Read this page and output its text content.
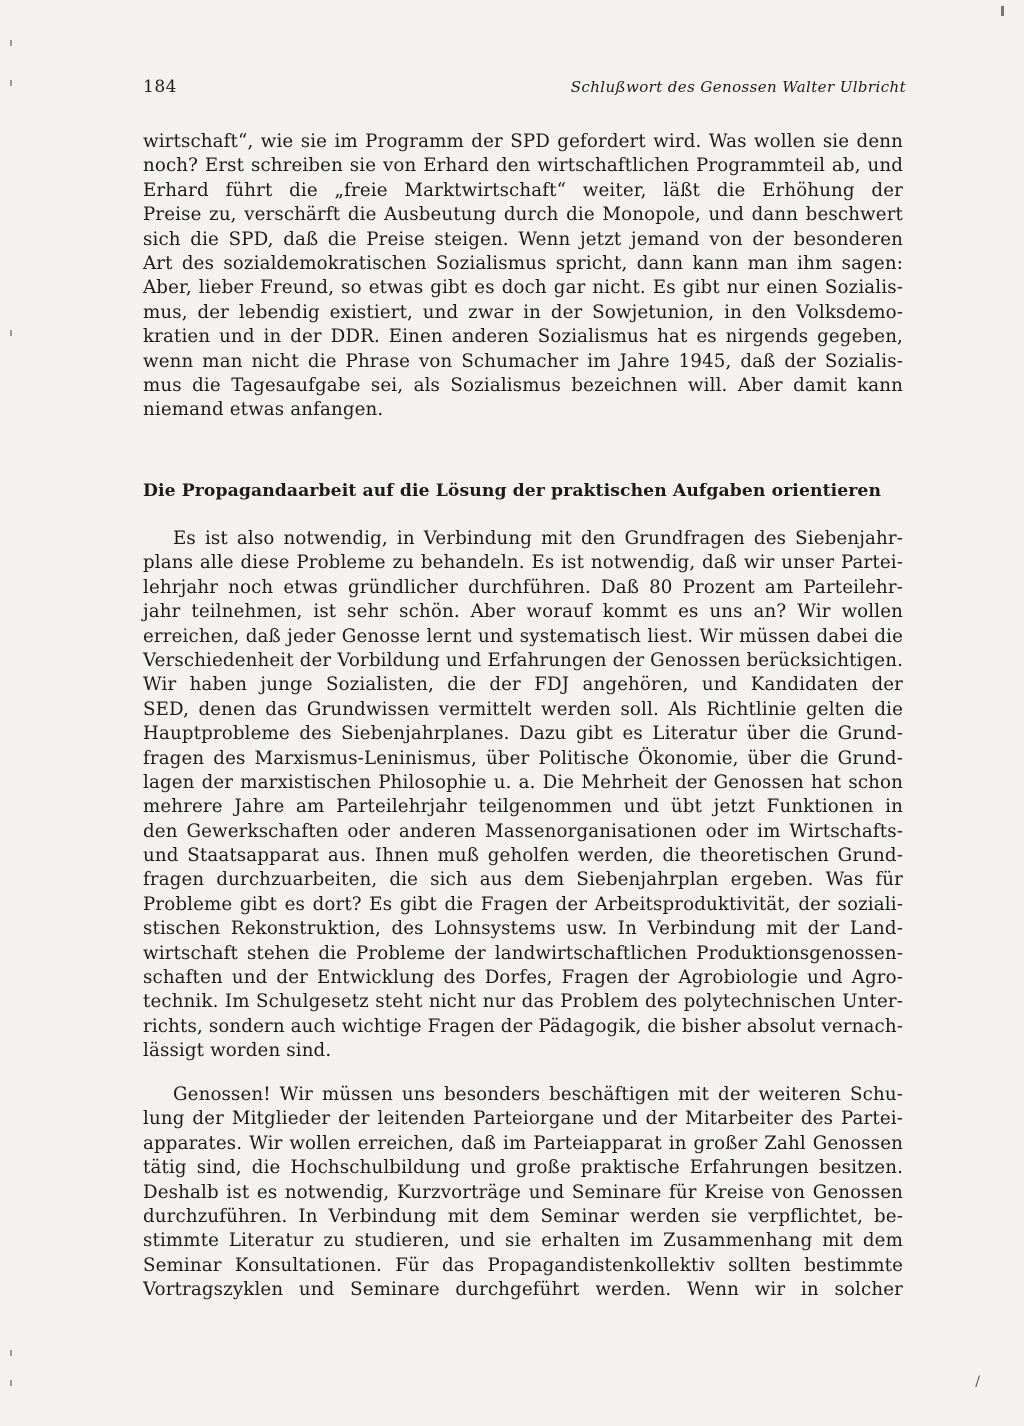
184	Schlußwort des Genossen Walter Ulbricht
wirtschaft“, wie sie im Programm der SPD gefordert wird. Was wollen sie denn
noch? Erst schreiben sie von Erhard den wirtschaftlichen Programmteil ab, und
Erhard führt die „freie Marktwirtschaft“ weiter, läßt die Erhöhung der
Preise zu, verschärft die Ausbeutung durch die Monopole, und dann beschwert
sich die SPD, daß die Preise steigen. Wenn jetzt jemand von der besonderen
Art des sozialdemokratischen Sozialismus spricht, dann kann man ihm sagen:
Aber, lieber Freund, so etwas gibt es doch gar nicht. Es gibt nur einen Sozialis-
mus, der lebendig existiert, und zwar in der Sowjetunion, in den Volksdemo-
kratien und in der DDR. Einen anderen Sozialismus hat es nirgends gegeben,
wenn man nicht die Phrase von Schumacher im Jahre 1945, daß der Sozialis-
mus die Tagesaufgabe sei, als Sozialismus bezeichnen will. Aber damit kann
niemand etwas anfangen.
Die Propagandaarbeit auf die Lösung der praktischen Aufgaben orientieren
Es ist also notwendig, in Verbindung mit den Grundfragen des Siebenjahr-
plans alle diese Probleme zu behandeln. Es ist notwendig, daß wir unser Partei-
lehrjahr noch etwas gründlicher durchführen. Daß 80 Prozent am Parteilehr-
jahr teilnehmen, ist sehr schön. Aber worauf kommt es uns an? Wir wollen
erreichen, daß jeder Genosse lernt und systematisch liest. Wir müssen dabei die
Verschiedenheit der Vorbildung und Erfahrungen der Genossen berücksichtigen.
Wir haben junge Sozialisten, die der FDJ angehören, und Kandidaten der
SED, denen das Grundwissen vermittelt werden soll. Als Richtlinie gelten die
Hauptprobleme des Siebenjahrplanes. Dazu gibt es Literatur über die Grund-
fragen des Marxismus-Leninismus, über Politische Ökonomie, über die Grund-
lagen der marxistischen Philosophie u. a. Die Mehrheit der Genossen hat schon
mehrere Jahre am Parteilehrjahr teilgenommen und übt jetzt Funktionen in
den Gewerkschaften oder anderen Massenorganisationen oder im Wirtschafts-
und Staatsapparat aus. Ihnen muß geholfen werden, die theoretischen Grund-
fragen durchzuarbeiten, die sich aus dem Siebenjahrplan ergeben. Was für
Probleme gibt es dort? Es gibt die Fragen der Arbeitsproduktivität, der soziali-
stischen Rekonstruktion, des Lohnsystems usw. In Verbindung mit der Land-
wirtschaft stehen die Probleme der landwirtschaftlichen Produktionsgenossen-
schaften und der Entwicklung des Dorfes, Fragen der Agrobiologie und Agro-
technik. Im Schulgesetz steht nicht nur das Problem des polytechnischen Unter-
richts, sondern auch wichtige Fragen der Pädagogik, die bisher absolut vernach-
lässigt worden sind.
Genossen! Wir müssen uns besonders beschäftigen mit der weiteren Schu-
lung der Mitglieder der leitenden Parteiorgane und der Mitarbeiter des Partei-
apparates. Wir wollen erreichen, daß im Parteiapparat in großer Zahl Genossen
tätig sind, die Hochschulbildung und große praktische Erfahrungen besitzen.
Deshalb ist es notwendig, Kurzvorträge und Seminare für Kreise von Genossen
durchzuführen. In Verbindung mit dem Seminar werden sie verpflichtet, be-
stimmte Literatur zu studieren, und sie erhalten im Zusammenhang mit dem
Seminar Konsultationen. Für das Propagandistenkollektiv sollten bestimmte
Vortragszyklen und Seminare durchgeführt werden. Wenn wir in solcher
/
